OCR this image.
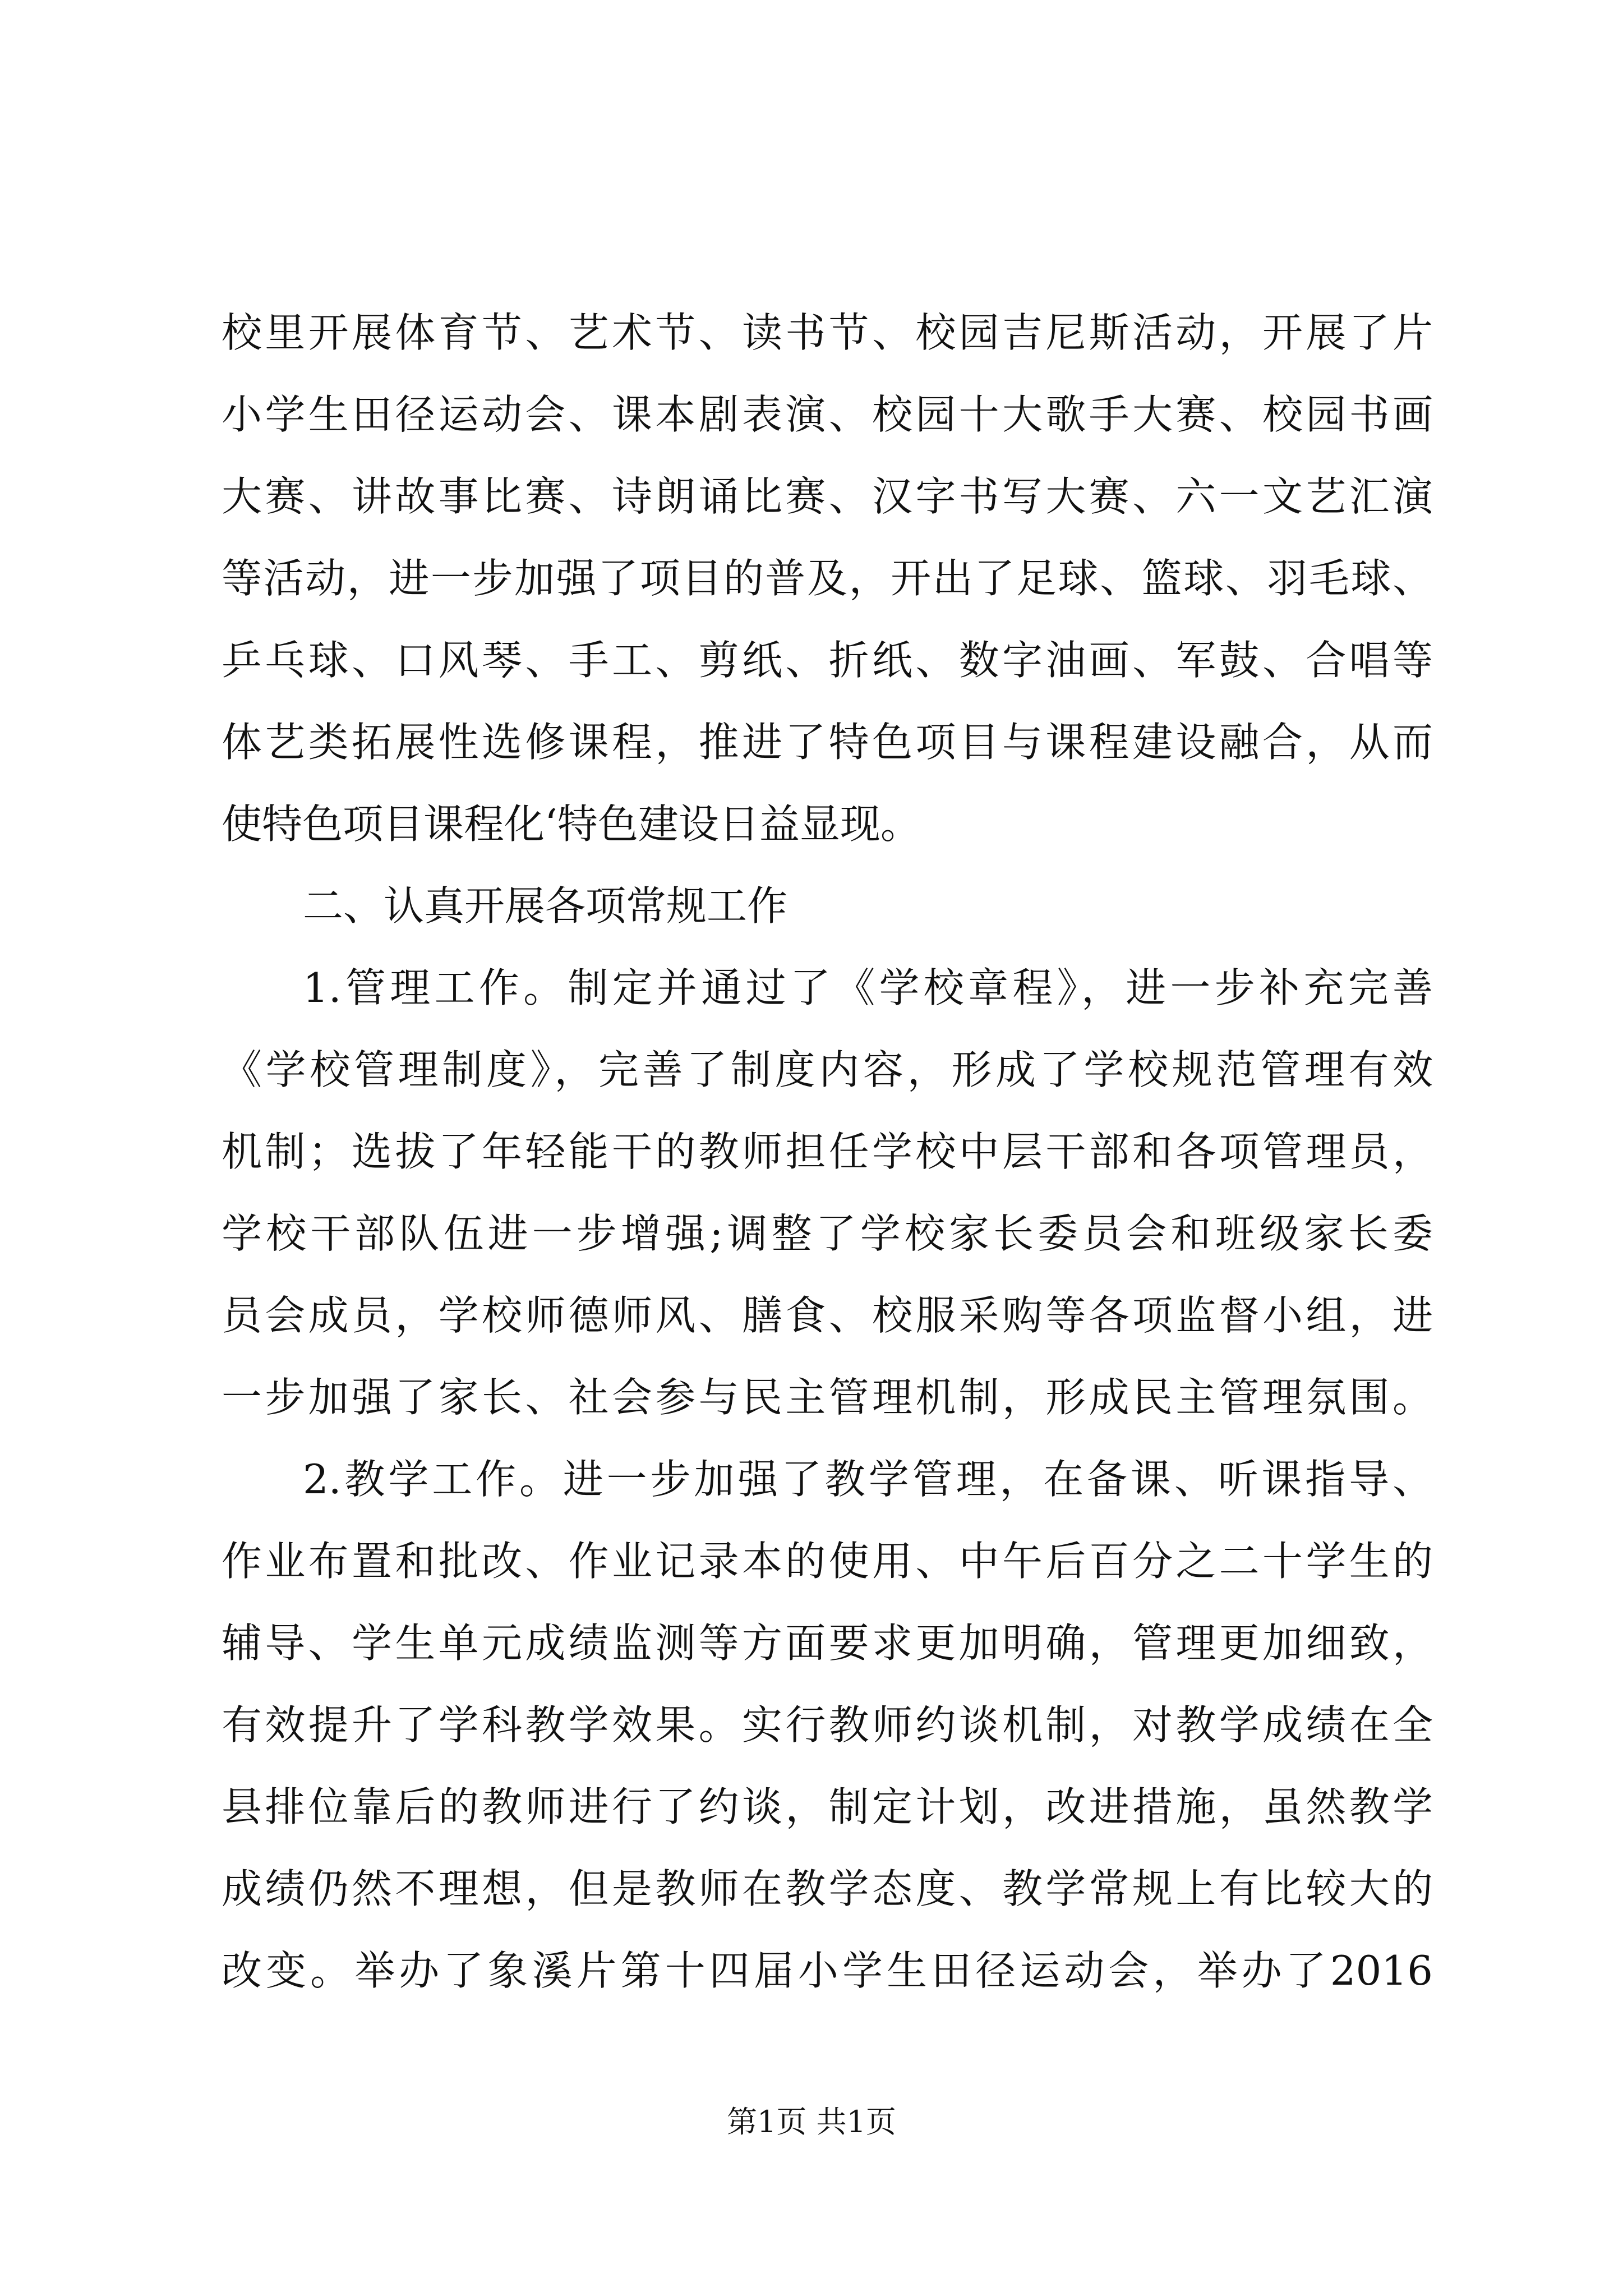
校里开展体育节、艺术节、读书节、校园吉尼斯活动，开展了片
小学生田径运动会、课本剧表演、校园十大歌手大赛、校园书画
大赛、讲故事比赛、诗朗诵比赛、汉字书写大赛、六一文艺汇演
等活动，进一步加强了项目的普及，开出了足球、篮球、羽毛球、
乒乓球、口风琴、手工、剪纸、折纸、数字油画、军鼓、合唱等
体艺类拓展性选修课程，推进了特色项目与课程建设融合，从而
使特色项目课程化‘特色建设日益显现。
二、认真开展各项常规工作
1.管理工作。制定并通过了《学校章程》，进一步补充完善
《学校管理制度》，完善了制度内容，形成了学校规范管理有效
机制；选拔了年轻能干的教师担任学校中层干部和各项管理员，
学校干部队伍进一步增强;调整了学校家长委员会和班级家长委
员会成员，学校师德师风、膳食、校服采购等各项监督小组，进
一步加强了家长、社会参与民主管理机制，形成民主管理氛围。
2.教学工作。进一步加强了教学管理，在备课、听课指导、
作业布置和批改、作业记录本的使用、中午后百分之二十学生的
辅导、学生单元成绩监测等方面要求更加明确，管理更加细致，
有效提升了学科教学效果。实行教师约谈机制，对教学成绩在全
县排位靠后的教师进行了约谈，制定计划，改进措施，虽然教学
成绩仍然不理想，但是教师在教学态度、教学常规上有比较大的
改变。举办了象溪片第十四届小学生田径运动会，举办了2016
第1页 共1页
